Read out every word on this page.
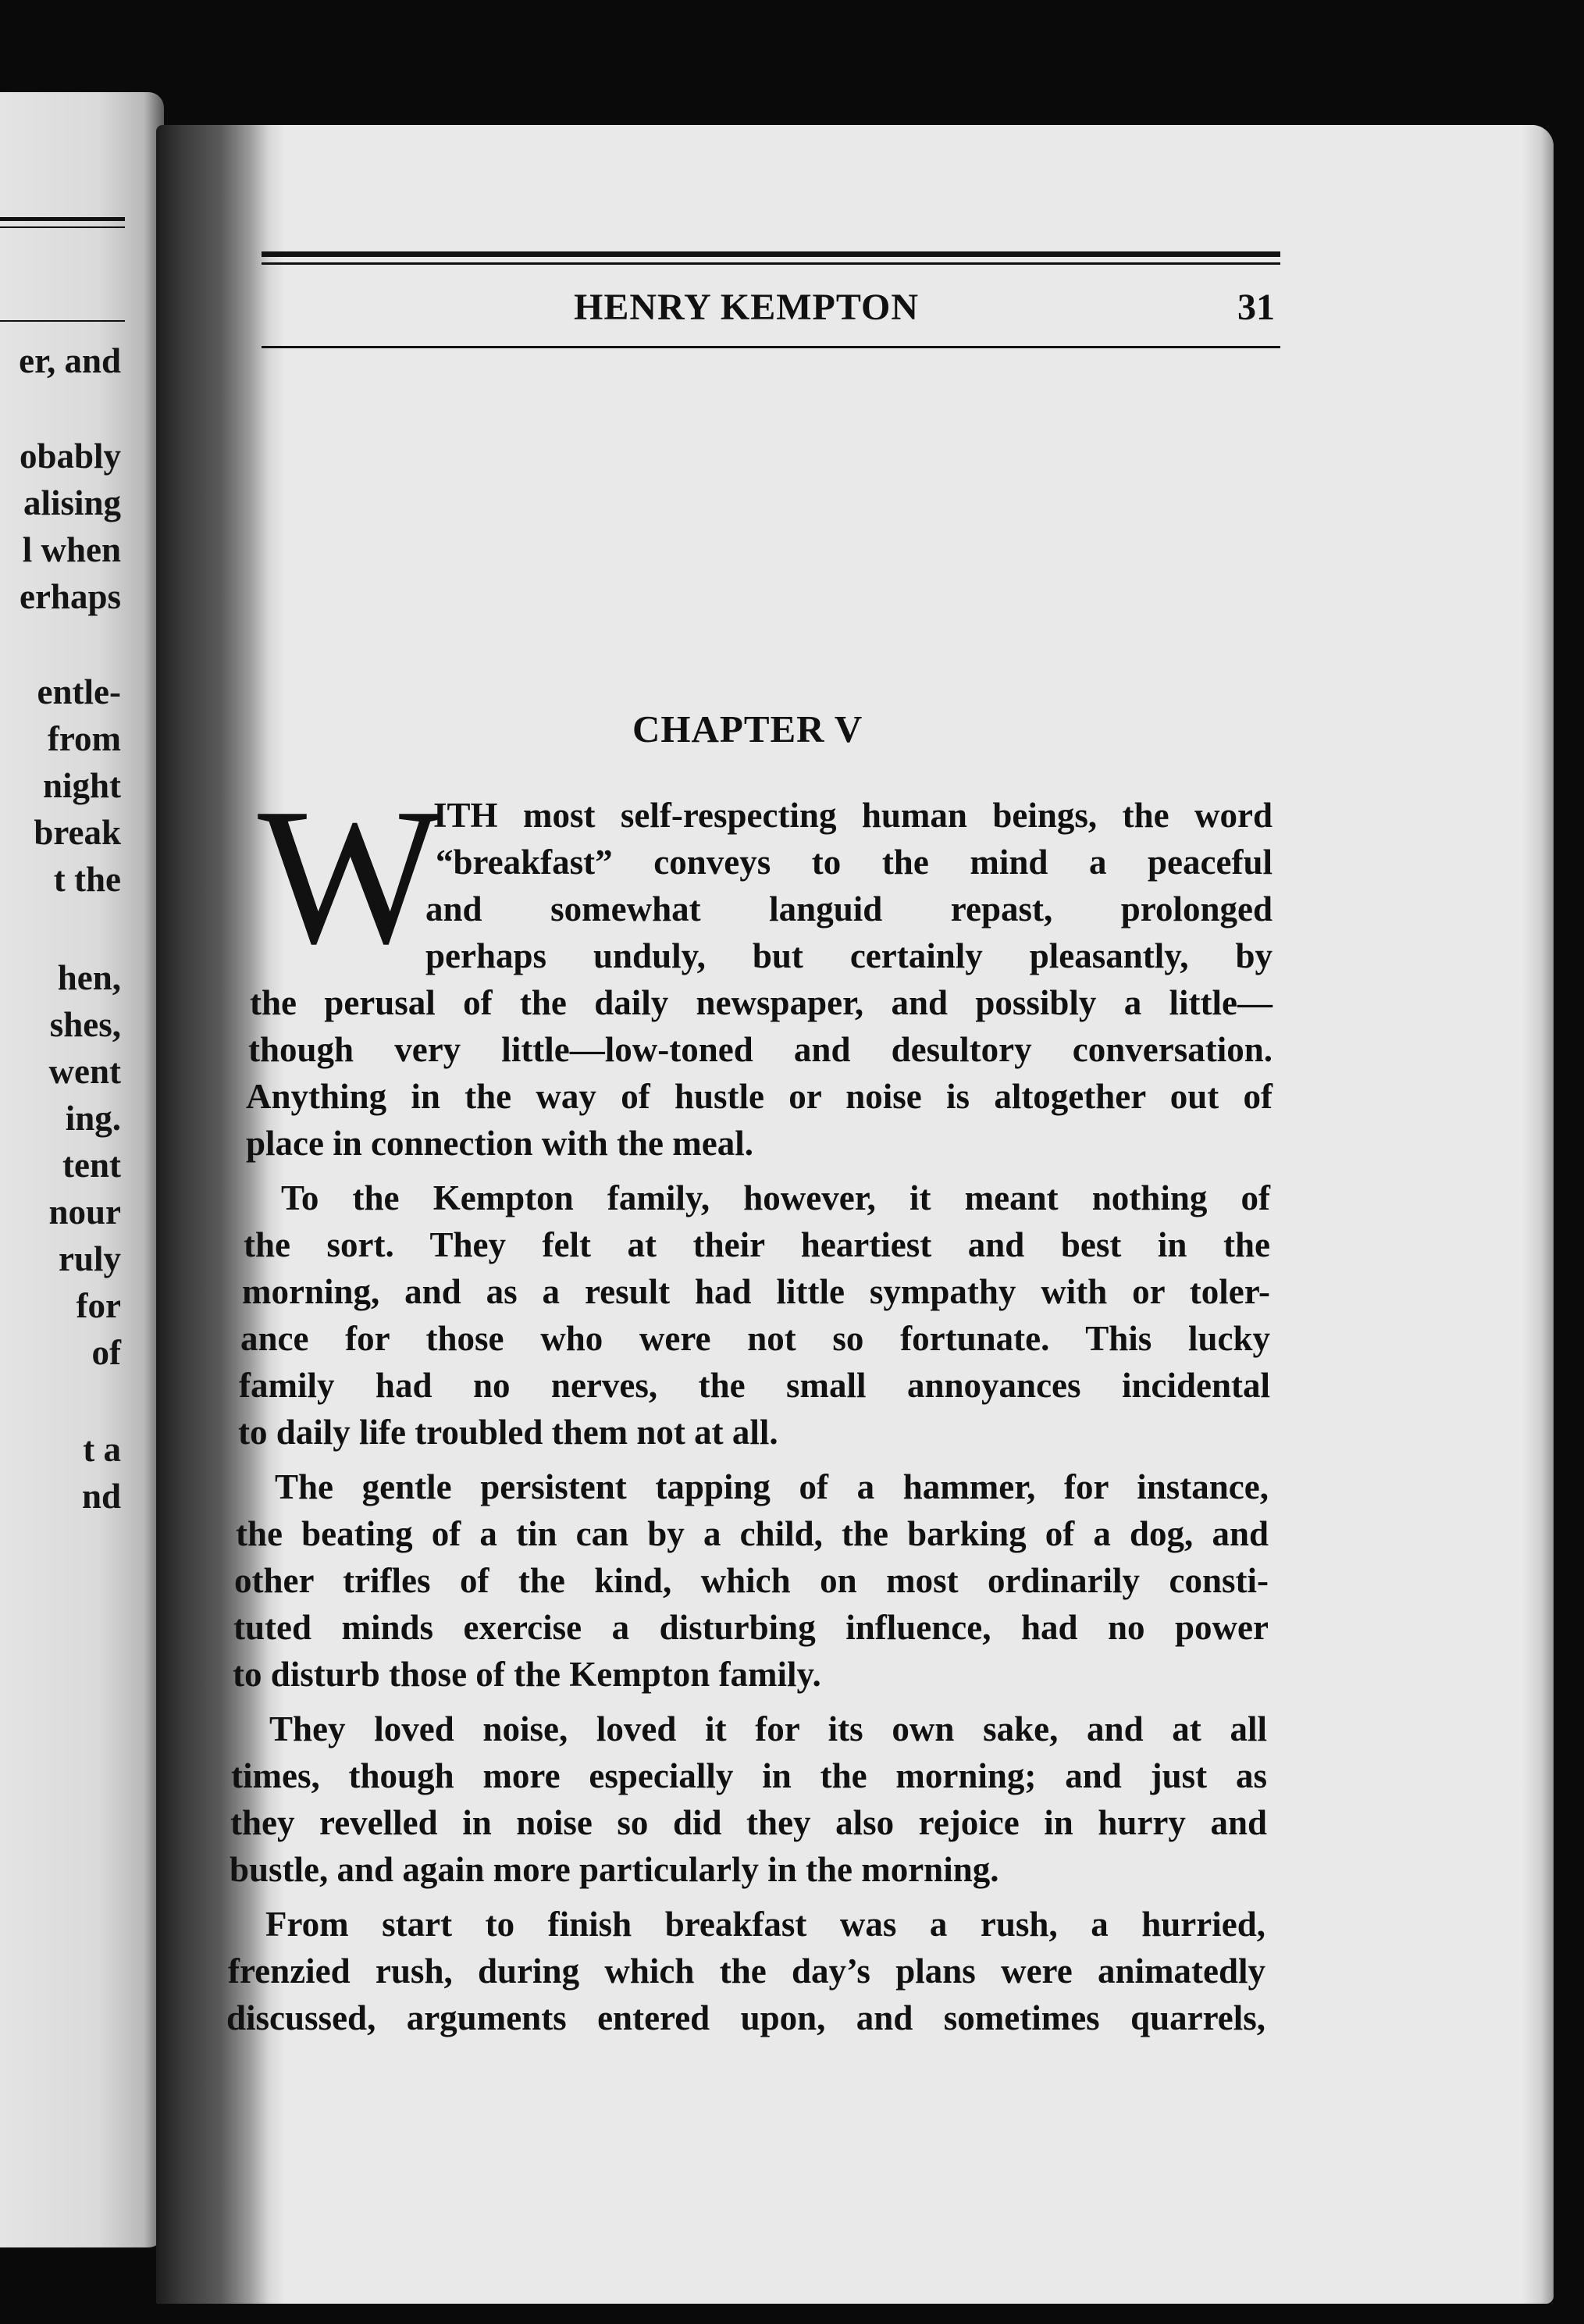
er, and
obably
alising
l when
erhaps
entle-
from
night
break
t the
hen,
shes,
went
ing.
tent
nour
ruly
for
of
t a
nd
HENRY KEMPTON	31
CHAPTER V
W
ITH most self-respecting human beings, the word
“breakfast” conveys to the mind a peaceful
and somewhat languid repast, prolonged
perhaps unduly, but certainly pleasantly, by
the perusal of the daily newspaper, and possibly a little—
though very little—low-toned and desultory conversation.
Anything in the way of hustle or noise is altogether out of
place in connection with the meal.
To the Kempton family, however, it meant nothing of
the sort. They felt at their heartiest and best in the
morning, and as a result had little sympathy with or toler-
ance for those who were not so fortunate. This lucky
family had no nerves, the small annoyances incidental
to daily life troubled them not at all.
The gentle persistent tapping of a hammer, for instance,
the beating of a tin can by a child, the barking of a dog, and
other trifles of the kind, which on most ordinarily consti-
tuted minds exercise a disturbing influence, had no power
to disturb those of the Kempton family.
They loved noise, loved it for its own sake, and at all
times, though more especially in the morning; and just as
they revelled in noise so did they also rejoice in hurry and
bustle, and again more particularly in the morning.
From start to finish breakfast was a rush, a hurried,
frenzied rush, during which the day’s plans were animatedly
discussed, arguments entered upon, and sometimes quarrels,
